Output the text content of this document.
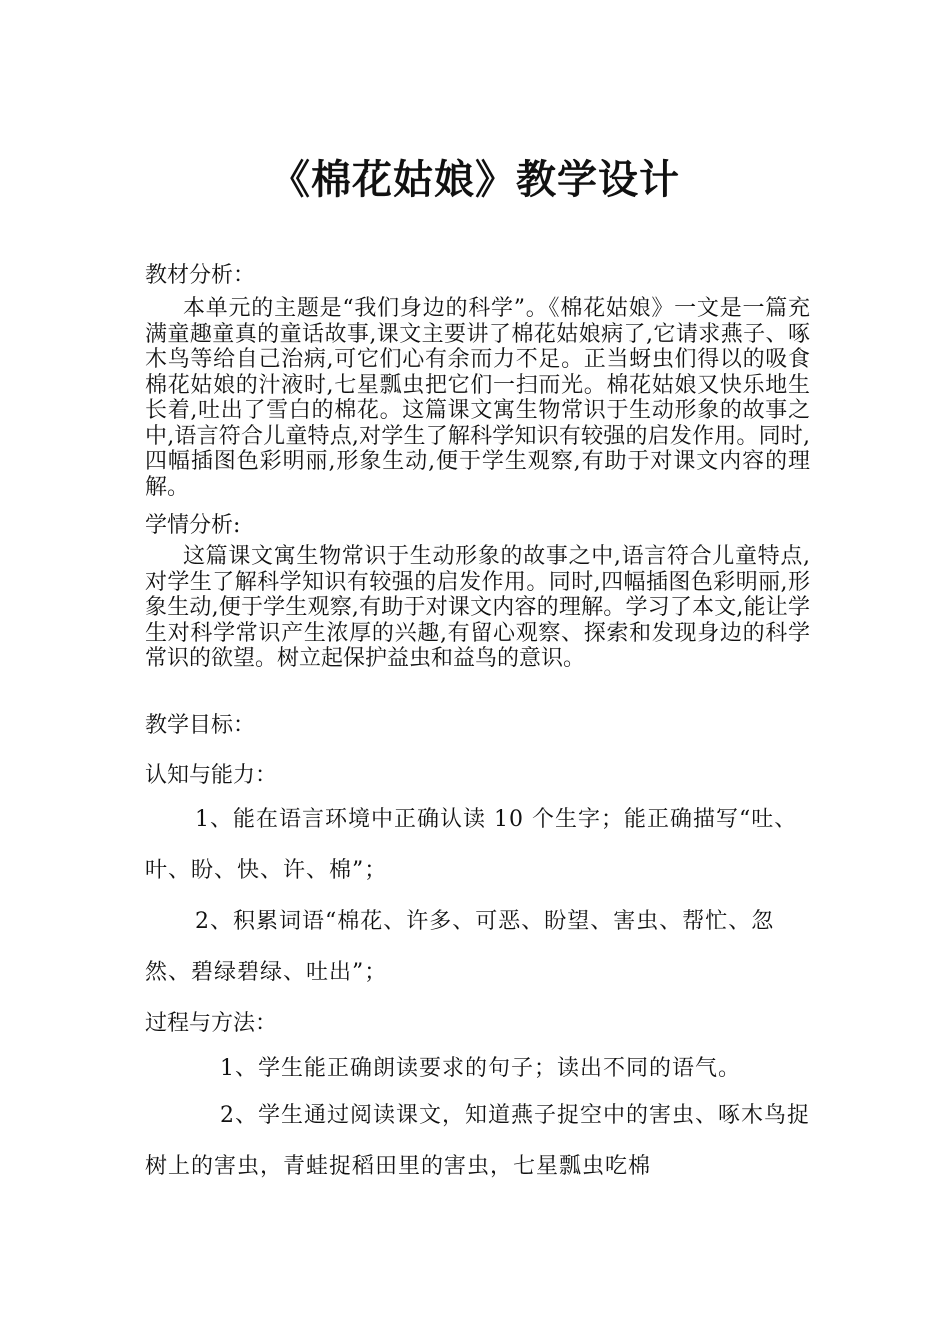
《棉花姑娘》教学设计

教材分析：

本单元的主题是“我们身边的科学”。《棉花姑娘》一文是一篇充满童趣童真的童话故事,课文主要讲了棉花姑娘病了,它请求燕子、啄木鸟等给自己治病,可它们心有余而力不足。正当蚜虫们得以的吸食棉花姑娘的汁液时,七星瓢虫把它们一扫而光。棉花姑娘又快乐地生长着,吐出了雪白的棉花。这篇课文寓生物常识于生动形象的故事之中,语言符合儿童特点,对学生了解科学知识有较强的启发作用。同时,四幅插图色彩明丽,形象生动,便于学生观察,有助于对课文内容的理解。

学情分析:

这篇课文寓生物常识于生动形象的故事之中,语言符合儿童特点,对学生了解科学知识有较强的启发作用。同时,四幅插图色彩明丽,形象生动,便于学生观察,有助于对课文内容的理解。学习了本文,能让学生对科学常识产生浓厚的兴趣,有留心观察、探索和发现身边的科学常识的欲望。树立起保护益虫和益鸟的意识。

教学目标：

认知与能力：

1、能在语言环境中正确认读 10 个生字；能正确描写“吐、叶、盼、快、许、棉”；

2、积累词语“棉花、许多、可恶、盼望、害虫、帮忙、忽然、碧绿碧绿、吐出”；

过程与方法：

1、学生能正确朗读要求的句子；读出不同的语气。

2、学生通过阅读课文，知道燕子捉空中的害虫、啄木鸟捉树上的害虫，青蛙捉稻田里的害虫，七星瓢虫吃棉
